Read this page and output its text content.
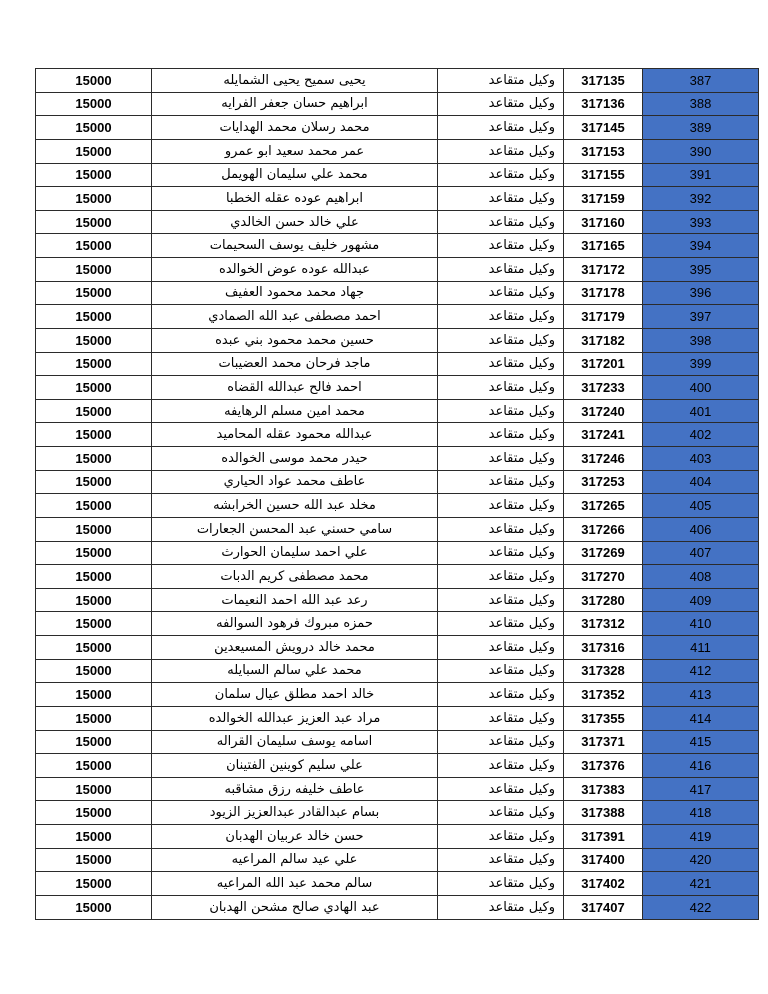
15000	يحيى سميح يحيى الشمايله	وكيل متقاعد	317135	387
15000	ابراهيم حسان جعفر الفرايه	وكيل متقاعد	317136	388
15000	محمد رسلان محمد الهدايات	وكيل متقاعد	317145	389
15000	عمر محمد سعيد ابو عمرو	وكيل متقاعد	317153	390
15000	محمد علي سليمان الهويمل	وكيل متقاعد	317155	391
15000	ابراهيم عوده عقله الخطبا	وكيل متقاعد	317159	392
15000	علي خالد حسن الخالدي	وكيل متقاعد	317160	393
15000	مشهور خليف يوسف السحيمات	وكيل متقاعد	317165	394
15000	عبدالله عوده عوض الخوالده	وكيل متقاعد	317172	395
15000	جهاد محمد محمود العفيف	وكيل متقاعد	317178	396
15000	احمد مصطفى عبد الله الصمادي	وكيل متقاعد	317179	397
15000	حسين محمد محمود بني عبده	وكيل متقاعد	317182	398
15000	ماجد فرحان محمد العضيبات	وكيل متقاعد	317201	399
15000	احمد فالح عبدالله القضاه	وكيل متقاعد	317233	400
15000	محمد امين مسلم الرهايفه	وكيل متقاعد	317240	401
15000	عبدالله محمود عقله المحاميد	وكيل متقاعد	317241	402
15000	حيدر محمد موسى الخوالده	وكيل متقاعد	317246	403
15000	عاطف محمد عواد الحياري	وكيل متقاعد	317253	404
15000	مخلد عبد الله حسين الخرابشه	وكيل متقاعد	317265	405
15000	سامي حسني عبد المحسن الجعارات	وكيل متقاعد	317266	406
15000	علي احمد سليمان الحوارث	وكيل متقاعد	317269	407
15000	محمد مصطفى كريم الدبات	وكيل متقاعد	317270	408
15000	رعد عبد الله احمد النعيمات	وكيل متقاعد	317280	409
15000	حمزه مبروك فرهود السوالفه	وكيل متقاعد	317312	410
15000	محمد خالد درويش المسيعدين	وكيل متقاعد	317316	411
15000	محمد علي سالم السبايله	وكيل متقاعد	317328	412
15000	خالد احمد مطلق عيال سلمان	وكيل متقاعد	317352	413
15000	مراد عبد العزيز عبدالله الخوالده	وكيل متقاعد	317355	414
15000	اسامه يوسف سليمان القراله	وكيل متقاعد	317371	415
15000	علي سليم كوينين الفتينان	وكيل متقاعد	317376	416
15000	عاطف خليفه رزق مشاقبه	وكيل متقاعد	317383	417
15000	بسام عبدالقادر عبدالعزيز الزيود	وكيل متقاعد	317388	418
15000	حسن خالد عربيان الهدبان	وكيل متقاعد	317391	419
15000	علي عيد سالم المراعيه	وكيل متقاعد	317400	420
15000	سالم محمد عبد الله المراعيه	وكيل متقاعد	317402	421
15000	عبد الهادي صالح مشحن الهدبان	وكيل متقاعد	317407	422
